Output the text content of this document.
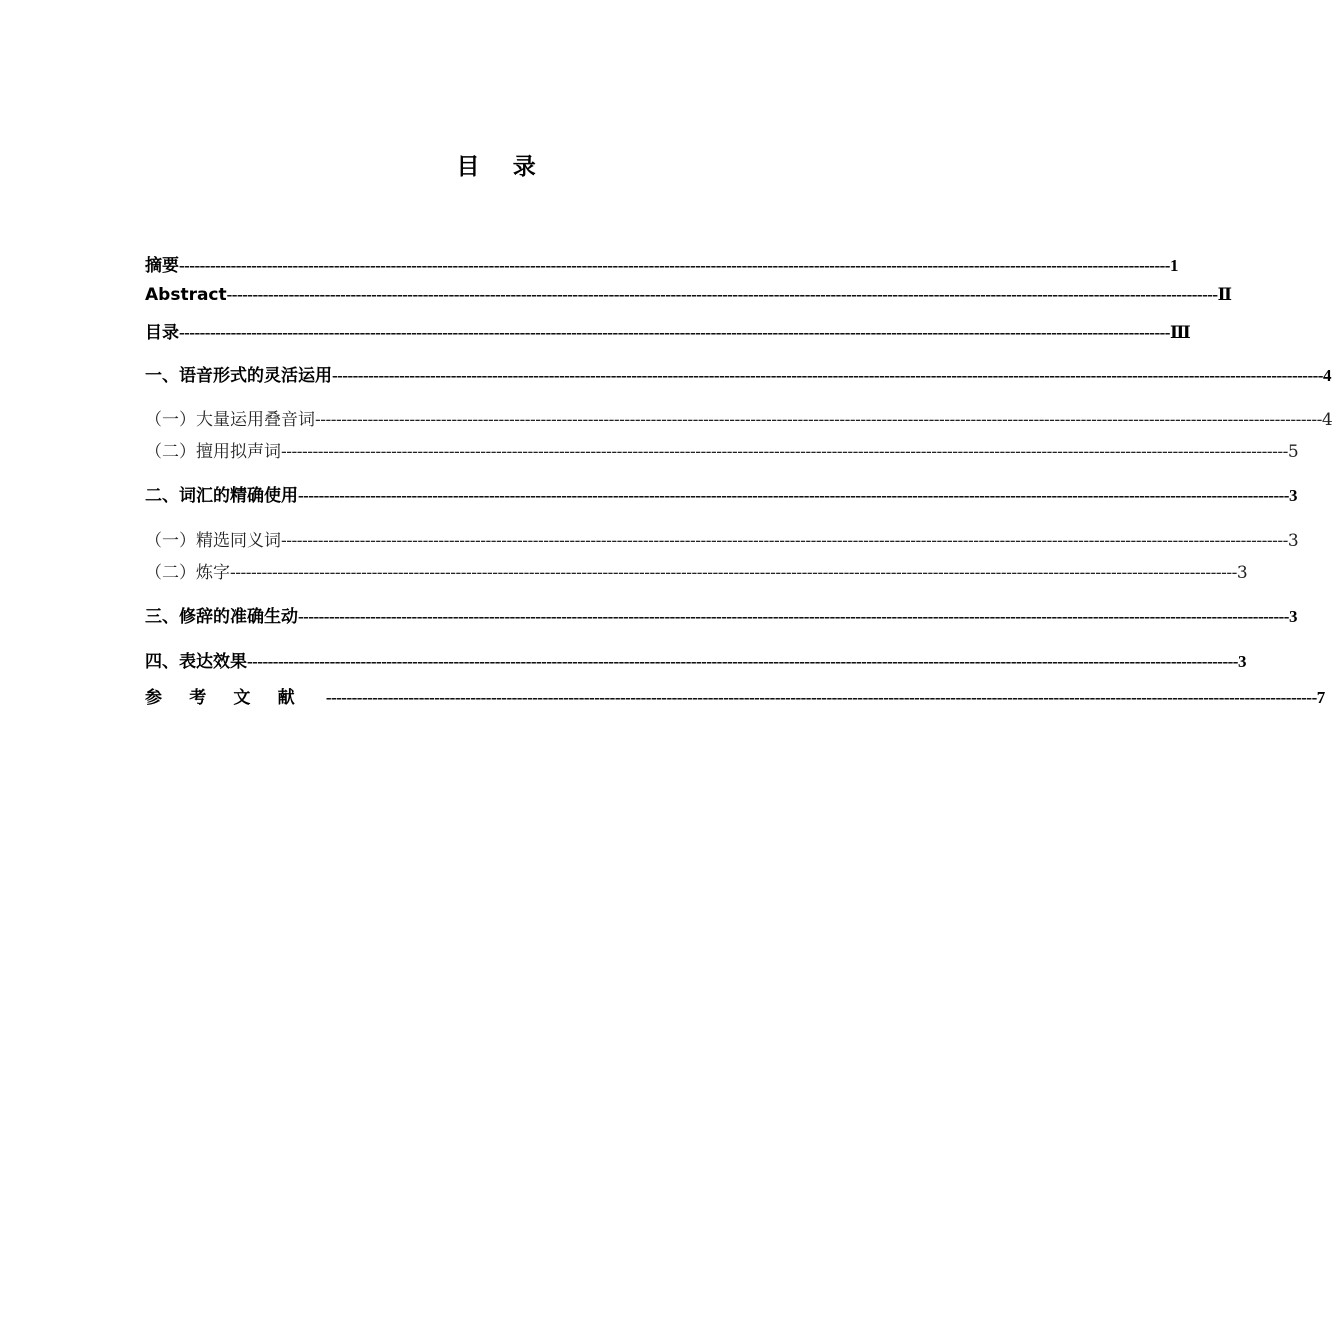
目  录
摘要 ------------------------------------------------------------------------------------------------------------------------------------------------------------------------------------------------ 1
Abstract ------------------------------------------------------------------------------------------------------------------------------------------------------------------------------------------------ Ⅱ
目录 ------------------------------------------------------------------------------------------------------------------------------------------------------------------------------------------------ Ⅲ
一、语音形式的灵活运用 ------------------------------------------------------------------------------------------------------------------------------------------------------------------------------------------------ 4
（一）大量运用叠音词 ------------------------------------------------------------------------------------------------------------------------------------------------------------------------------------------------ 4
（二）擅用拟声词 ------------------------------------------------------------------------------------------------------------------------------------------------------------------------------------------------ 5
二、词汇的精确使用 ------------------------------------------------------------------------------------------------------------------------------------------------------------------------------------------------ 3
（一）精选同义词 ------------------------------------------------------------------------------------------------------------------------------------------------------------------------------------------------ 3
（二）炼字 ------------------------------------------------------------------------------------------------------------------------------------------------------------------------------------------------ 3
三、修辞的准确生动 ------------------------------------------------------------------------------------------------------------------------------------------------------------------------------------------------ 3
四、表达效果 ------------------------------------------------------------------------------------------------------------------------------------------------------------------------------------------------ 3
参考文献 ------------------------------------------------------------------------------------------------------------------------------------------------------------------------------------------------ 7
